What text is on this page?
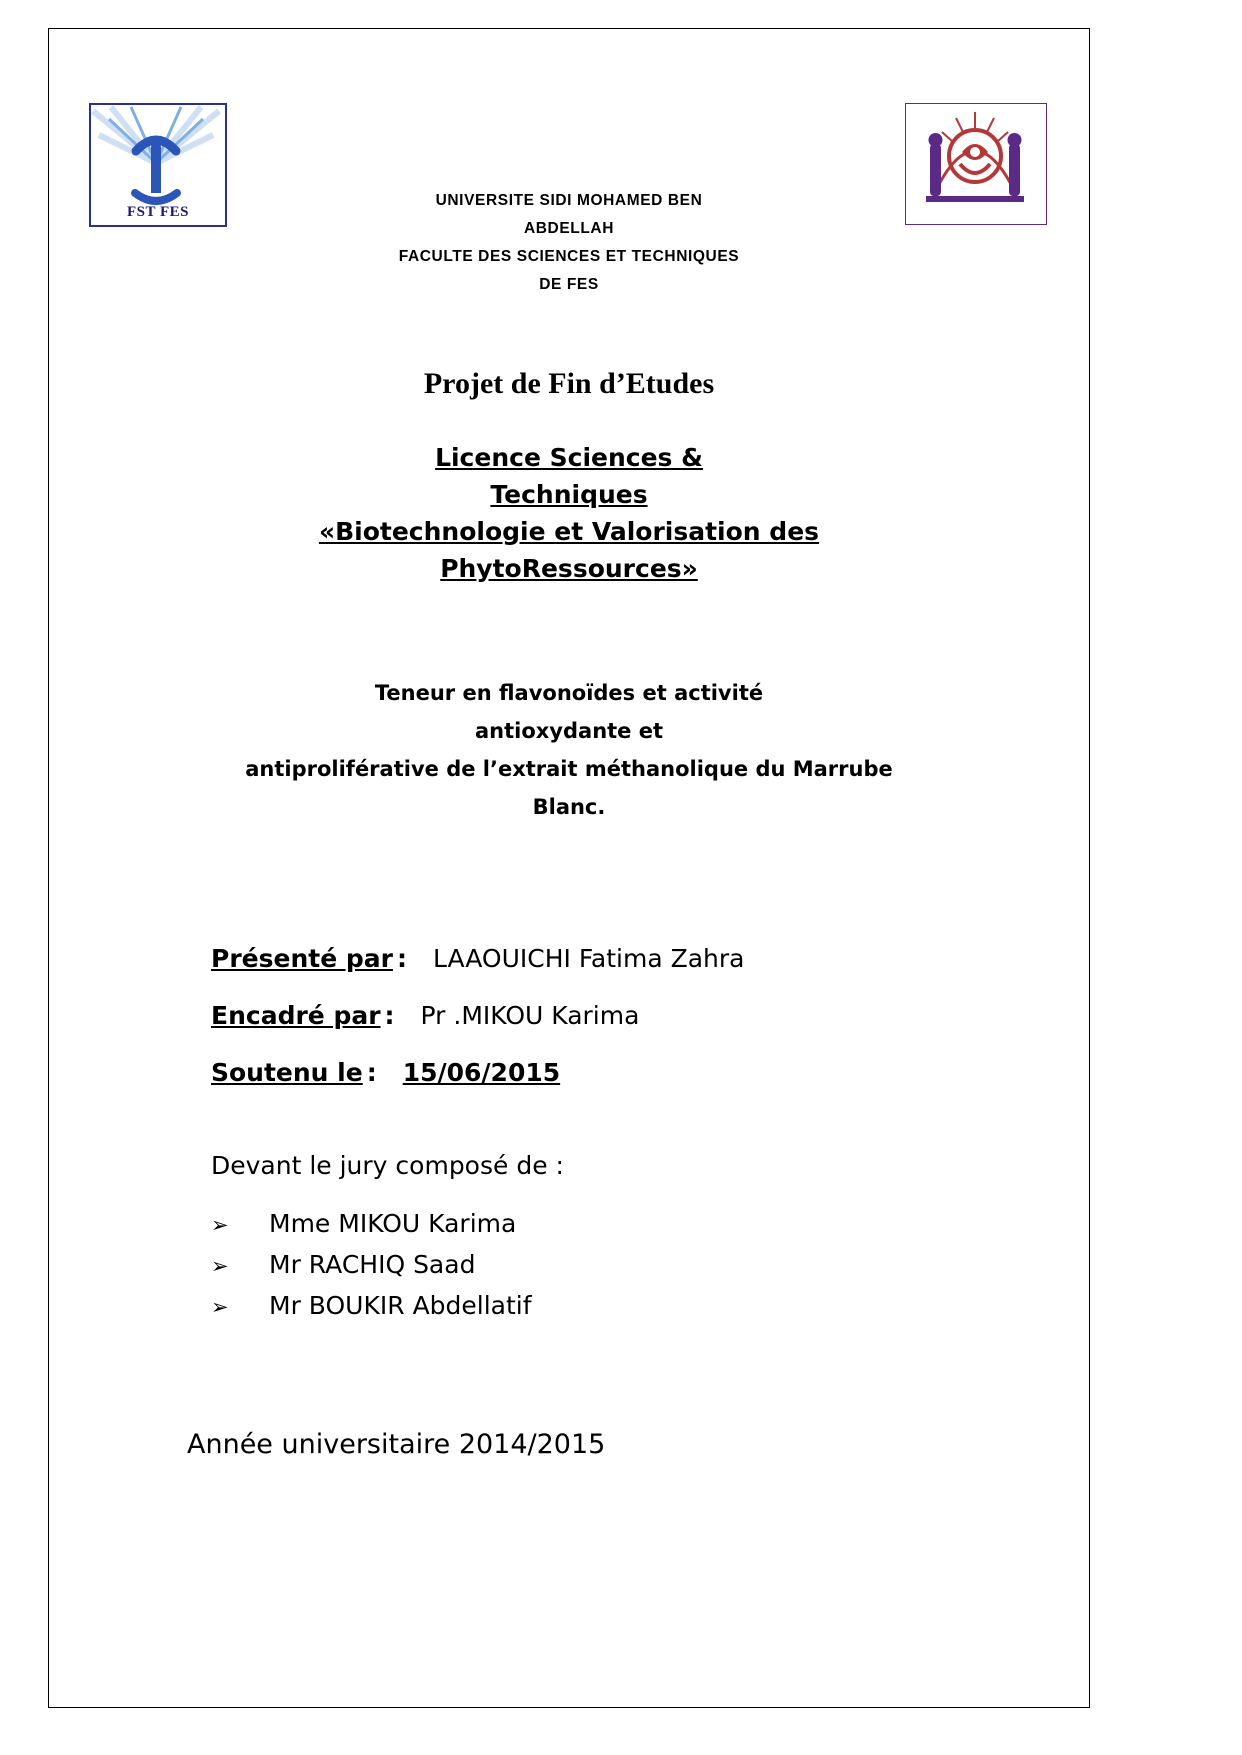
FST FES
UNIVERSITE SIDI MOHAMED BEN
ABDELLAH
FACULTE DES SCIENCES ET TECHNIQUES
DE FES
Projet de Fin d’Etudes
Licence Sciences &
Techniques
«Biotechnologie et Valorisation des
PhytoRessources»
Teneur en flavonoïdes et activité
antioxydante et
antiproliférative de l’extrait méthanolique du Marrube
Blanc.
Présenté par: LAAOUICHI Fatima Zahra
Encadré par: Pr .MIKOU Karima
Soutenu le: 15/06/2015
Devant le jury composé de :
➢ Mme MIKOU Karima
➢ Mr RACHIQ Saad
➢ Mr BOUKIR Abdellatif
Année universitaire 2014/2015
